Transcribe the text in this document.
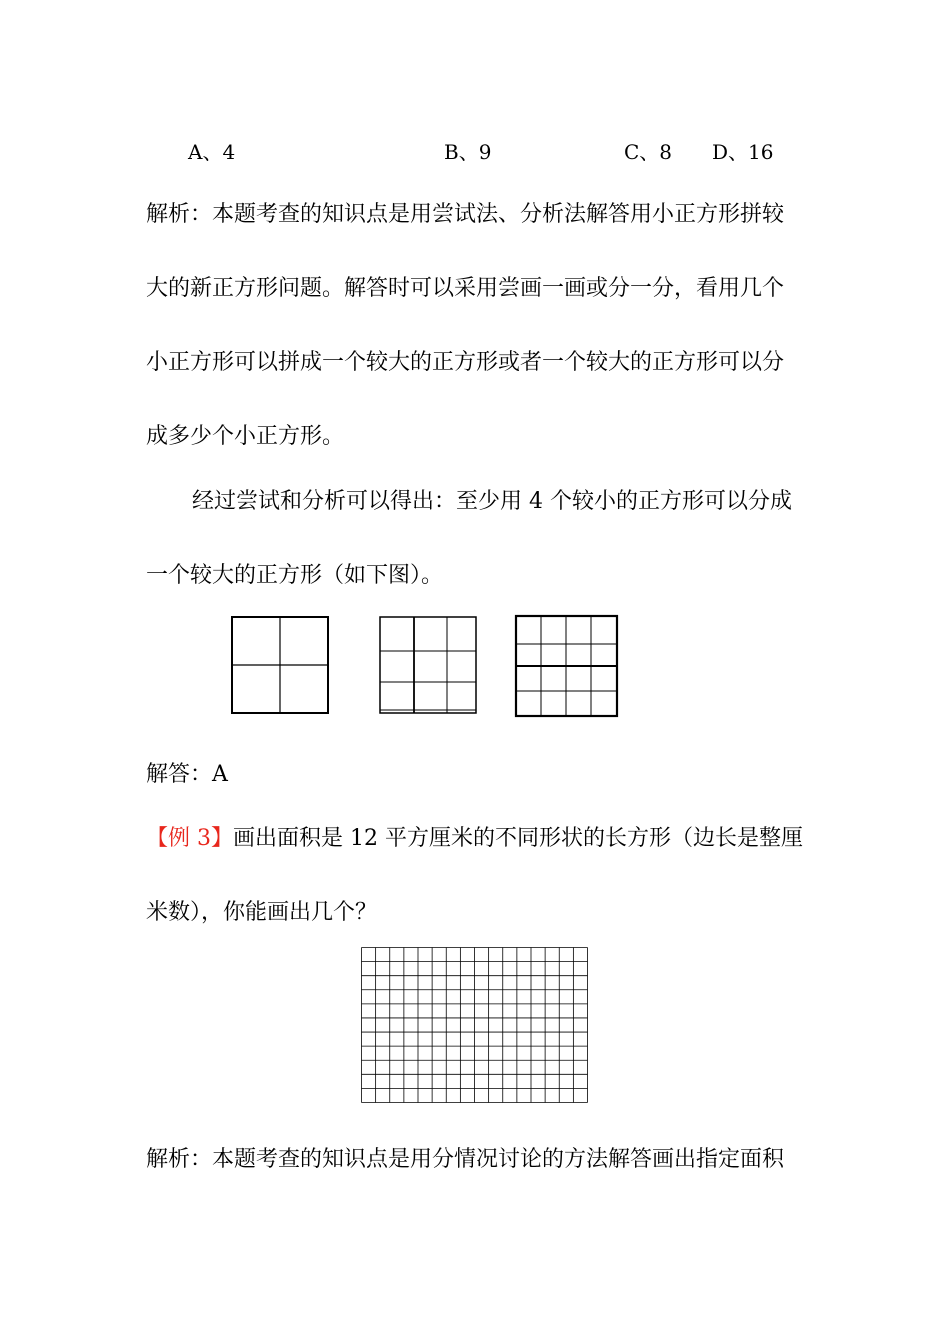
A、4	B、9	C、8 D、16
解析：本题考查的知识点是用尝试法、分析法解答用小正方形拼较
大的新正方形问题。解答时可以采用尝画一画或分一分，看用几个
小正方形可以拼成一个较大的正方形或者一个较大的正方形可以分
成多少个小正方形。
经过尝试和分析可以得出：至少用 4 个较小的正方形可以分成
一个较大的正方形（如下图）。
解答：A
【例 3】画出面积是 12 平方厘米的不同形状的长方形（边长是整厘
米数），你能画出几个？
解析：本题考查的知识点是用分情况讨论的方法解答画出指定面积
